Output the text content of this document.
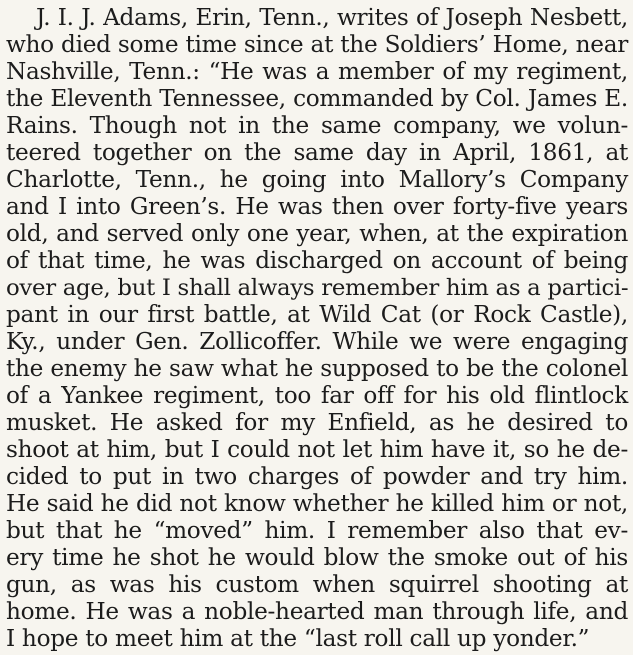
J. I. J. Adams, Erin, Tenn., writes of Joseph Nesbett,
who died some time since at the Soldiers’ Home, near
Nashville, Tenn.: “He was a member of my regiment,
the Eleventh Tennessee, commanded by Col. James E.
Rains. Though not in the same company, we volun-
teered together on the same day in April, 1861, at
Charlotte, Tenn., he going into Mallory’s Company
and I into Green’s. He was then over forty-five years
old, and served only one year, when, at the expiration
of that time, he was discharged on account of being
over age, but I shall always remember him as a partici-
pant in our first battle, at Wild Cat (or Rock Castle),
Ky., under Gen. Zollicoffer. While we were engaging
the enemy he saw what he supposed to be the colonel
of a Yankee regiment, too far off for his old flintlock
musket. He asked for my Enfield, as he desired to
shoot at him, but I could not let him have it, so he de-
cided to put in two charges of powder and try him.
He said he did not know whether he killed him or not,
but that he “moved” him. I remember also that ev-
ery time he shot he would blow the smoke out of his
gun, as was his custom when squirrel shooting at
home. He was a noble-hearted man through life, and
I hope to meet him at the “last roll call up yonder.”
